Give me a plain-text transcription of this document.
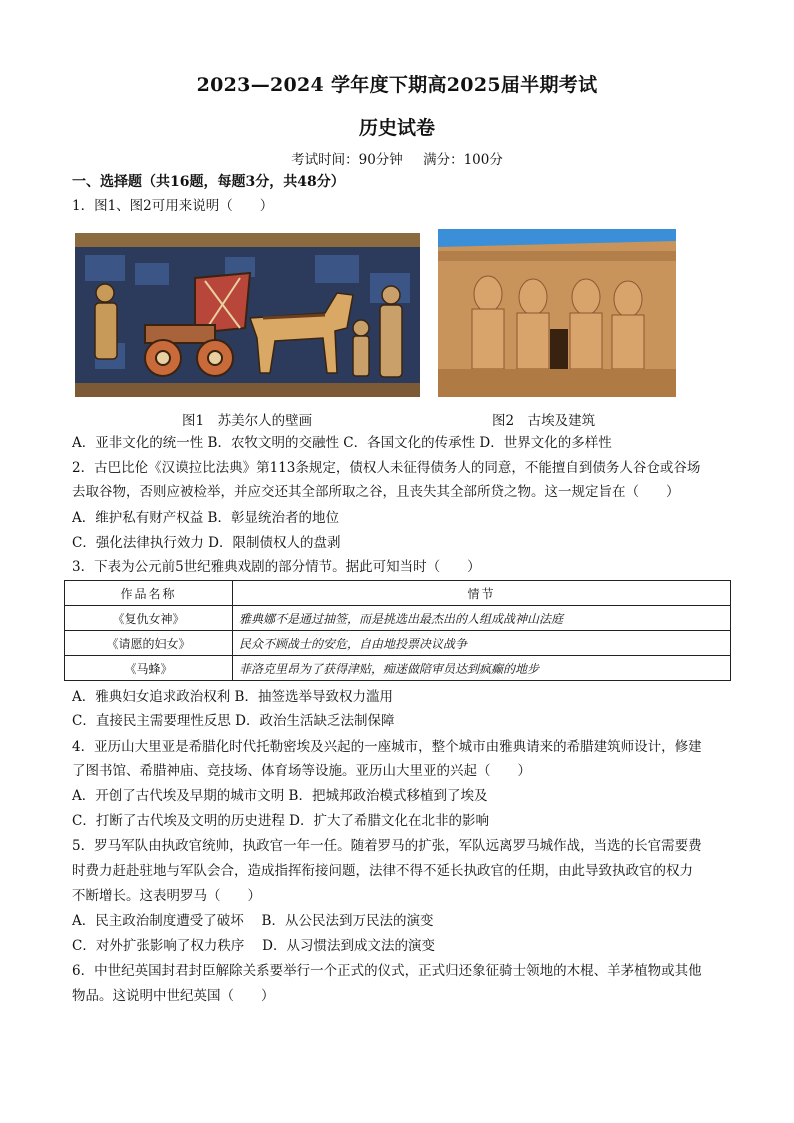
2023—2024 学年度下期高2025届半期考试
历史试卷
考试时间：90分钟 满分：100分
一、选择题（共16题，每题3分，共48分）
1．图1、图2可用来说明（　　）
图1　苏美尔人的壁画	图2　古埃及建筑
A．亚非文化的统一性 B．农牧文明的交融性 C．各国文化的传承性 D．世界文化的多样性
2．古巴比伦《汉谟拉比法典》第113条规定，债权人未征得债务人的同意，不能擅自到债务人谷仓或谷场
去取谷物，否则应被检举，并应交还其全部所取之谷，且丧失其全部所贷之物。这一规定旨在（　　）
A．维护私有财产权益 B．彰显统治者的地位
C．强化法律执行效力 D．限制债权人的盘剥
3．下表为公元前5世纪雅典戏剧的部分情节。据此可知当时（　　）
作品名称	情节
《复仇女神》	雅典娜不是通过抽签，而是挑选出最杰出的人组成战神山法庭
《请愿的妇女》	民众不顾战士的安危，自由地投票决议战争
《马蜂》	菲洛克里昂为了获得津贴，痴迷做陪审员达到疯癫的地步
A．雅典妇女追求政治权利 B．抽签选举导致权力滥用
C．直接民主需要理性反思 D．政治生活缺乏法制保障
4．亚历山大里亚是希腊化时代托勒密埃及兴起的一座城市，整个城市由雅典请来的希腊建筑师设计，修建
了图书馆、希腊神庙、竞技场、体育场等设施。亚历山大里亚的兴起（　　）
A．开创了古代埃及早期的城市文明 B．把城邦政治模式移植到了埃及
C．打断了古代埃及文明的历史进程 D．扩大了希腊文化在北非的影响
5．罗马军队由执政官统帅，执政官一年一任。随着罗马的扩张，军队远离罗马城作战，当选的长官需要费
时费力赶赴驻地与军队会合，造成指挥衔接问题，法律不得不延长执政官的任期，由此导致执政官的权力
不断增长。这表明罗马（　　）
A．民主政治制度遭受了破坏　 B．从公民法到万民法的演变
C．对外扩张影响了权力秩序　 D．从习惯法到成文法的演变
6．中世纪英国封君封臣解除关系要举行一个正式的仪式，正式归还象征骑士领地的木棍、羊茅植物或其他
物品。这说明中世纪英国（　　）
